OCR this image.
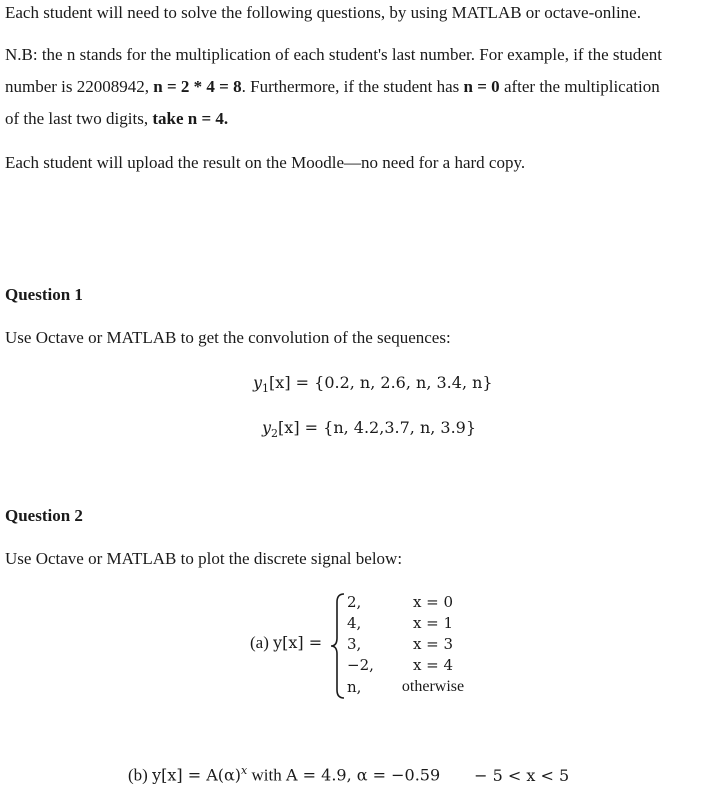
Each student will need to solve the following questions, by using MATLAB or octave-online.
N.B: the n stands for the multiplication of each student's last number. For example, if the student
number is 22008942, n = 2 * 4 = 8. Furthermore, if the student has n = 0 after the multiplication
of the last two digits, take n = 4.
Each student will upload the result on the Moodle—no need for a hard copy.
Question 1
Use Octave or MATLAB to get the convolution of the sequences:
$y_1[x] = \{0.2$, n, 2.6, n, 3.4, n}
$y_2[x] = \{n$, 4.2,3.7, n, 3.9}
Question 2
Use Octave or MATLAB to plot the discrete signal below:
(a) y[x] =
2,	x = 0
4,	x = 1
3,	x = 3
−2,	x = 4
n,	otherwise
(b) $y[x] = A(\alpha)^x$ with A = 4.9, α = −0.59 − 5 < x < 5
